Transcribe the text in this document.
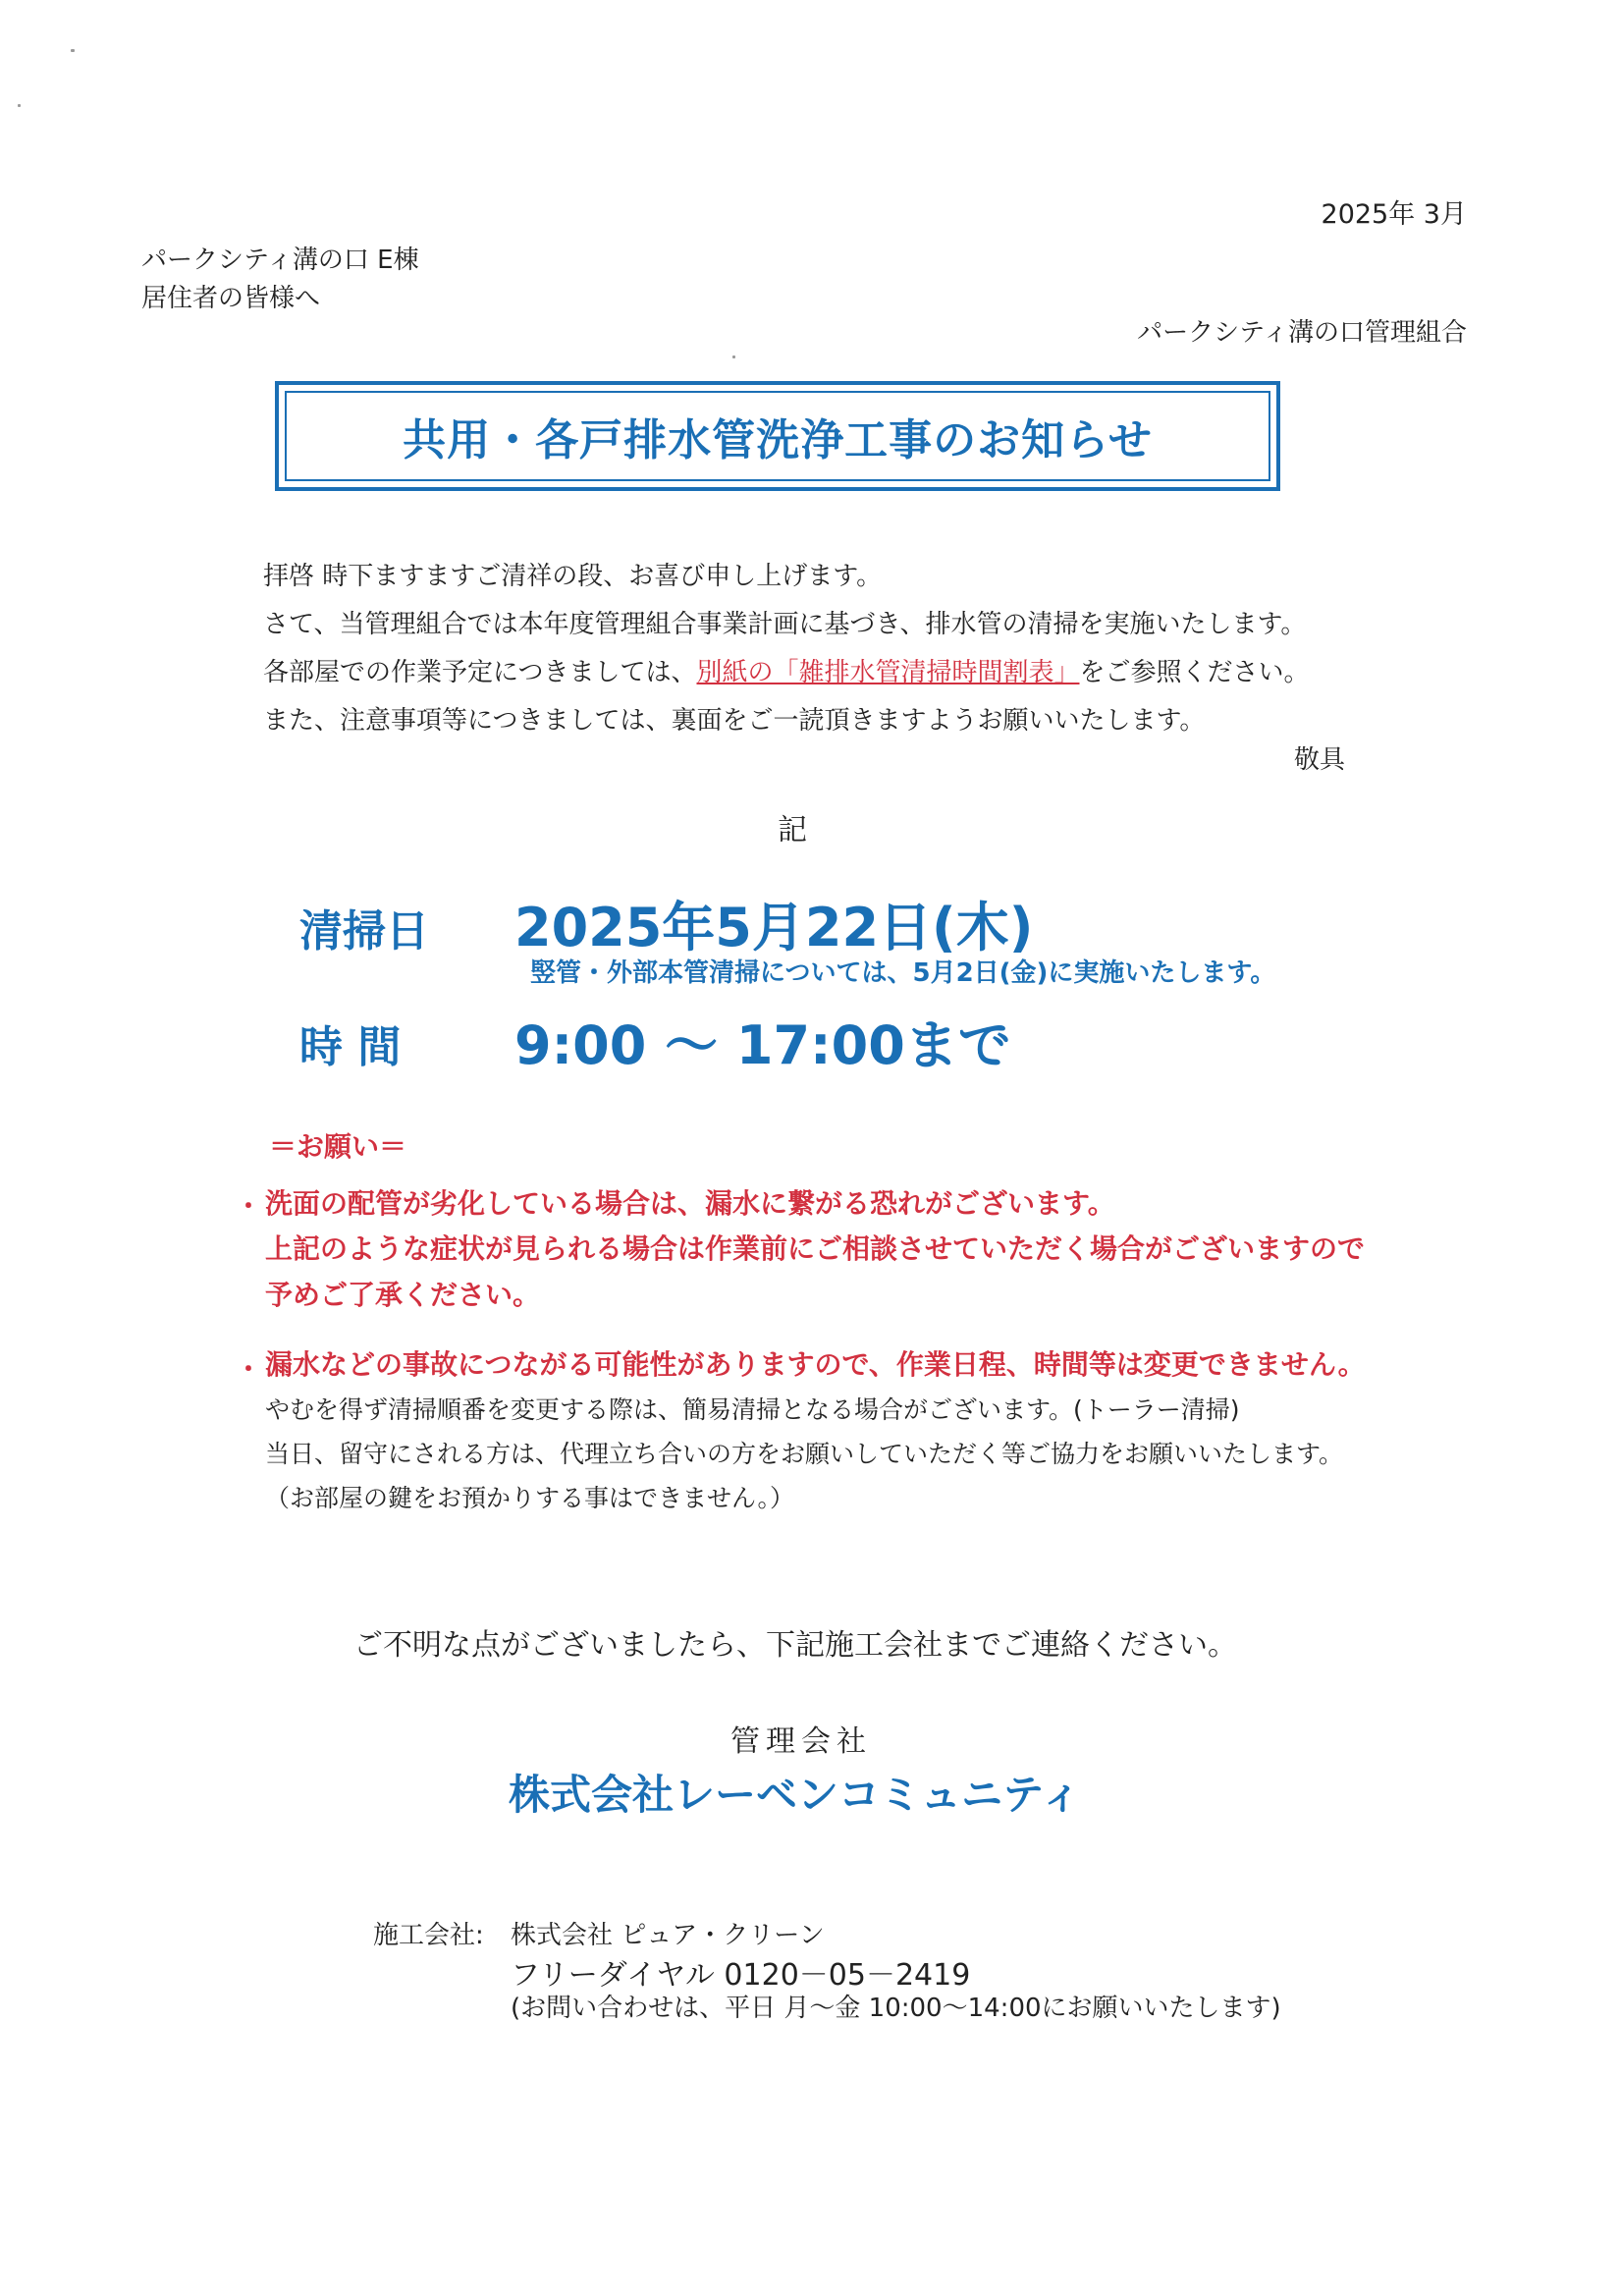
2025年 3月
パークシティ溝の口 E棟
居住者の皆様へ
パークシティ溝の口管理組合
共用・各戸排水管洗浄工事のお知らせ
拝啓 時下ますますご清祥の段、お喜び申し上げます。
さて、当管理組合では本年度管理組合事業計画に基づき、排水管の清掃を実施いたします。
各部屋での作業予定につきましては、別紙の「雑排水管清掃時間割表」をご参照ください。
また、注意事項等につきましては、裏面をご一読頂きますようお願いいたします。
敬具
記
清掃日 2025年5月22日(木)
竪管・外部本管清掃については、5月2日(金)に実施いたします。
時 間 9:00 ～ 17:00まで
＝お願い＝
・ 洗面の配管が劣化している場合は、漏水に繋がる恐れがございます。
上記のような症状が見られる場合は作業前にご相談させていただく場合がございますので
予めご了承ください。
・ 漏水などの事故につながる可能性がありますので、作業日程、時間等は変更できません。
やむを得ず清掃順番を変更する際は、簡易清掃となる場合がございます。(トーラー清掃)
当日、留守にされる方は、代理立ち合いの方をお願いしていただく等ご協力をお願いいたします。
（お部屋の鍵をお預かりする事はできません。）
ご不明な点がございましたら、下記施工会社までご連絡ください。
管理会社
株式会社レーベンコミュニティ
施工会社: 株式会社 ピュア・クリーン
フリーダイヤル 0120－05－2419
(お問い合わせは、平日 月～金 10:00～14:00にお願いいたします)
